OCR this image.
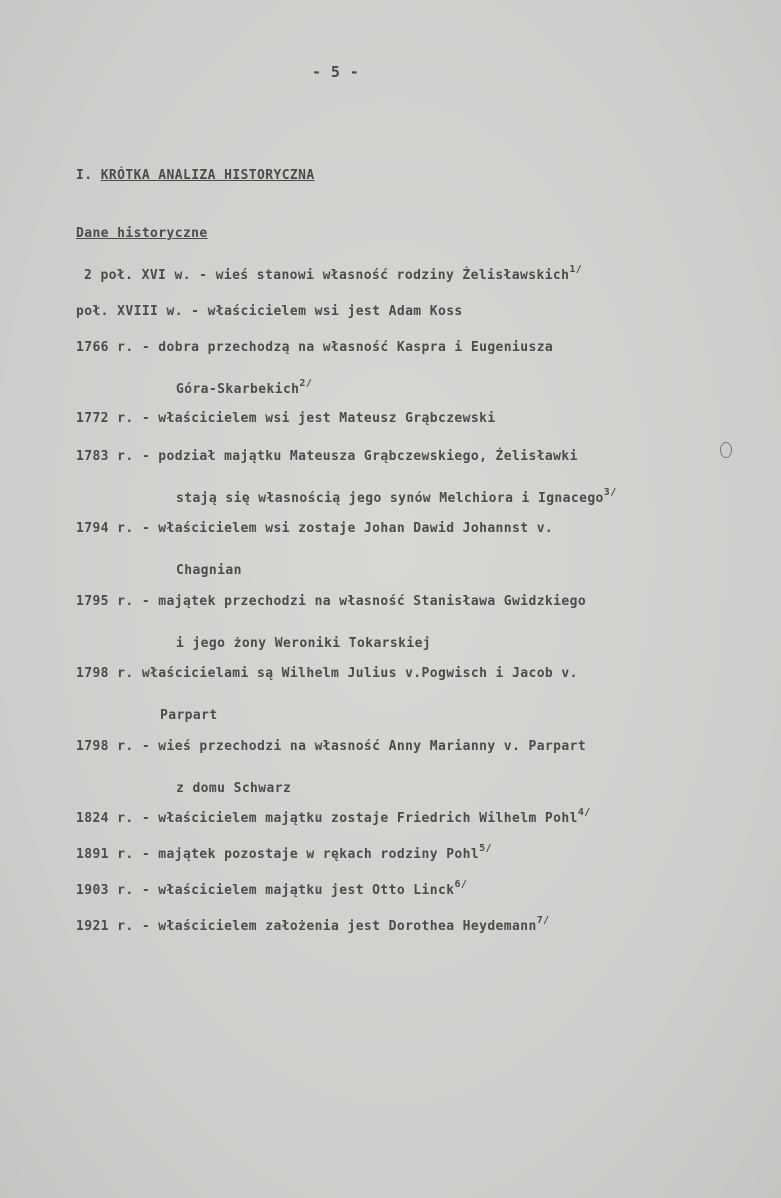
- 5 -
I. KRÓTKA ANALIZA HISTORYCZNA
Dane historyczne
2 poł. XVI w. - wieś stanowi własność rodziny Żelisławskich$^{1/}$
poł. XVIII w. - właścicielem wsi jest Adam Koss
1766 r. - dobra przechodzą na własność Kaspra i Eugeniusza
Góra-Skarbekich$^{2/}$
1772 r. - właścicielem wsi jest Mateusz Grąbczewski
1783 r. - podział majątku Mateusza Grąbczewskiego, Żelisławki
stają się własnością jego synów Melchiora i Ignacego$^{3/}$
1794 r. - właścicielem wsi zostaje Johan Dawid Johannst v.
Chagnian
1795 r. - majątek przechodzi na własność Stanisława Gwidzkiego
i jego żony Weroniki Tokarskiej
1798 r. właścicielami są Wilhelm Julius v.Pogwisch i Jacob v.
Parpart
1798 r. - wieś przechodzi na własność Anny Marianny v. Parpart
z domu Schwarz
1824 r. - właścicielem majątku zostaje Friedrich Wilhelm Pohl$^{4/}$
1891 r. - majątek pozostaje w rękach rodziny Pohl$^{5/}$
1903 r. - właścicielem majątku jest Otto Linck$^{6/}$
1921 r. - właścicielem założenia jest Dorothea Heydemann$^{7/}$
